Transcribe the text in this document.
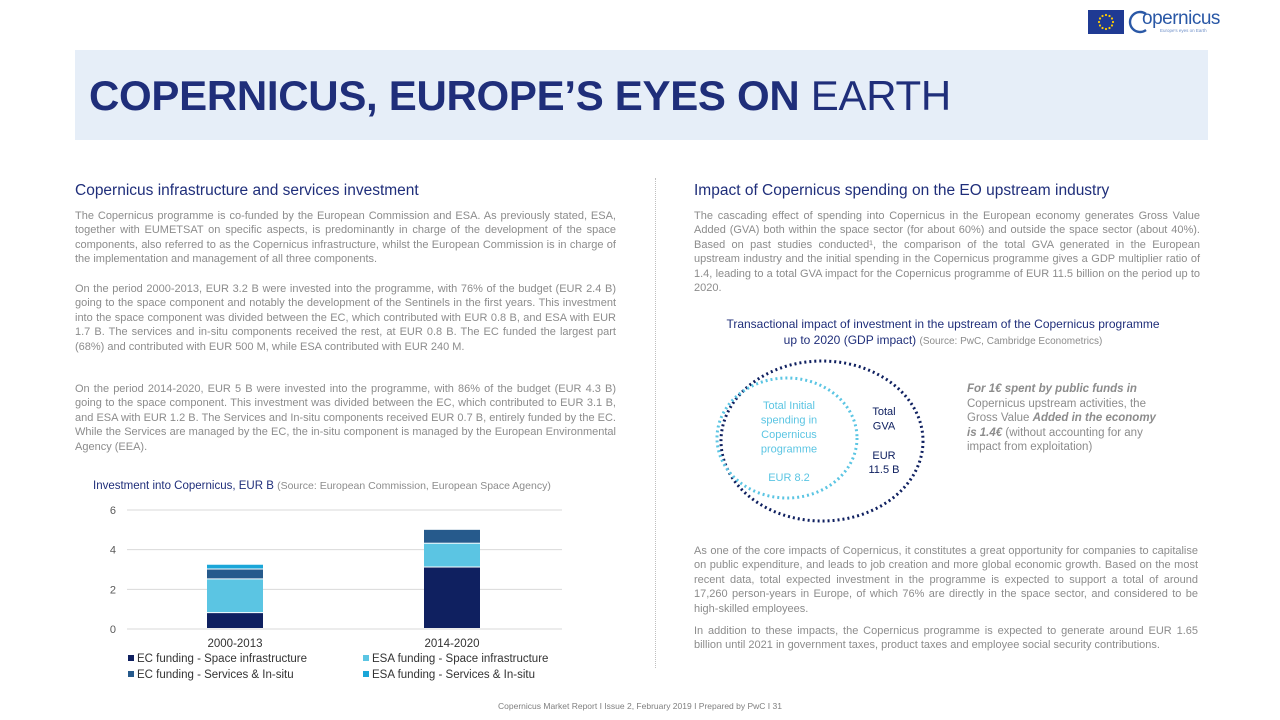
opernicus
Europe's eyes on Earth
COPERNICUS, EUROPE’S EYES ON EARTH
Copernicus infrastructure and services investment
The Copernicus programme is co-funded by the European Commission and ESA. As previously stated, ESA, together with EUMETSAT on specific aspects, is predominantly in charge of the development of the space components, also referred to as the Copernicus infrastructure, whilst the European Commission is in charge of the implementation and management of all three components.
On the period 2000-2013, EUR 3.2 B were invested into the programme, with 76% of the budget (EUR 2.4 B) going to the space component and notably the development of the Sentinels in the first years. This investment into the space component was divided between the EC, which contributed with EUR 0.8 B, and ESA with EUR 1.7 B. The services and in-situ components received the rest, at EUR 0.8 B. The EC funded the largest part (68%) and contributed with EUR 500 M, while ESA contributed with EUR 240 M.
On the period 2014-2020, EUR 5 B were invested into the programme, with 86% of the budget (EUR 4.3 B) going to the space component. This investment was divided between the EC, which contributed to EUR 3.1 B, and ESA with EUR 1.2 B. The Services and In-situ components received EUR 0.7 B, entirely funded by the EC. While the Services are managed by the EC, the in-situ component is managed by the European Environmental Agency (EEA).
Investment into Copernicus, EUR B (Source: European Commission, European Space Agency)
0
2
4
6
2000-2013	2014-2020
EC funding - Space infrastructure	ESA funding - Space infrastructure
EC funding - Services & In-situ	ESA funding - Services & In-situ
Impact of Copernicus spending on the EO upstream industry
The cascading effect of spending into Copernicus in the European economy generates Gross Value Added (GVA) both within the space sector (for about 60%) and outside the space sector (about 40%). Based on past studies conducted¹, the comparison of the total GVA generated in the European upstream industry and the initial spending in the Copernicus programme gives a GDP multiplier ratio of 1.4, leading to a total GVA impact for the Copernicus programme of EUR 11.5 billion on the period up to 2020.
Transactional impact of investment in the upstream of the Copernicus programme
up to 2020 (GDP impact) (Source: PwC, Cambridge Econometrics)
Total Initial
spending in
Copernicus
programme
EUR 8.2
Total
GVA
EUR
11.5 B
For 1€ spent by public funds in Copernicus upstream activities, the Gross Value Added in the economy is 1.4€ (without accounting for any impact from exploitation)
As one of the core impacts of Copernicus, it constitutes a great opportunity for companies to capitalise on public expenditure, and leads to job creation and more global economic growth. Based on the most recent data, total expected investment in the programme is expected to support a total of around 17,260 person-years in Europe, of which 76% are directly in the space sector, and considered to be high-skilled employees.
In addition to these impacts, the Copernicus programme is expected to generate around EUR 1.65 billion until 2021 in government taxes, product taxes and employee social security contributions.
Copernicus Market Report I Issue 2, February 2019 I Prepared by PwC I 31
